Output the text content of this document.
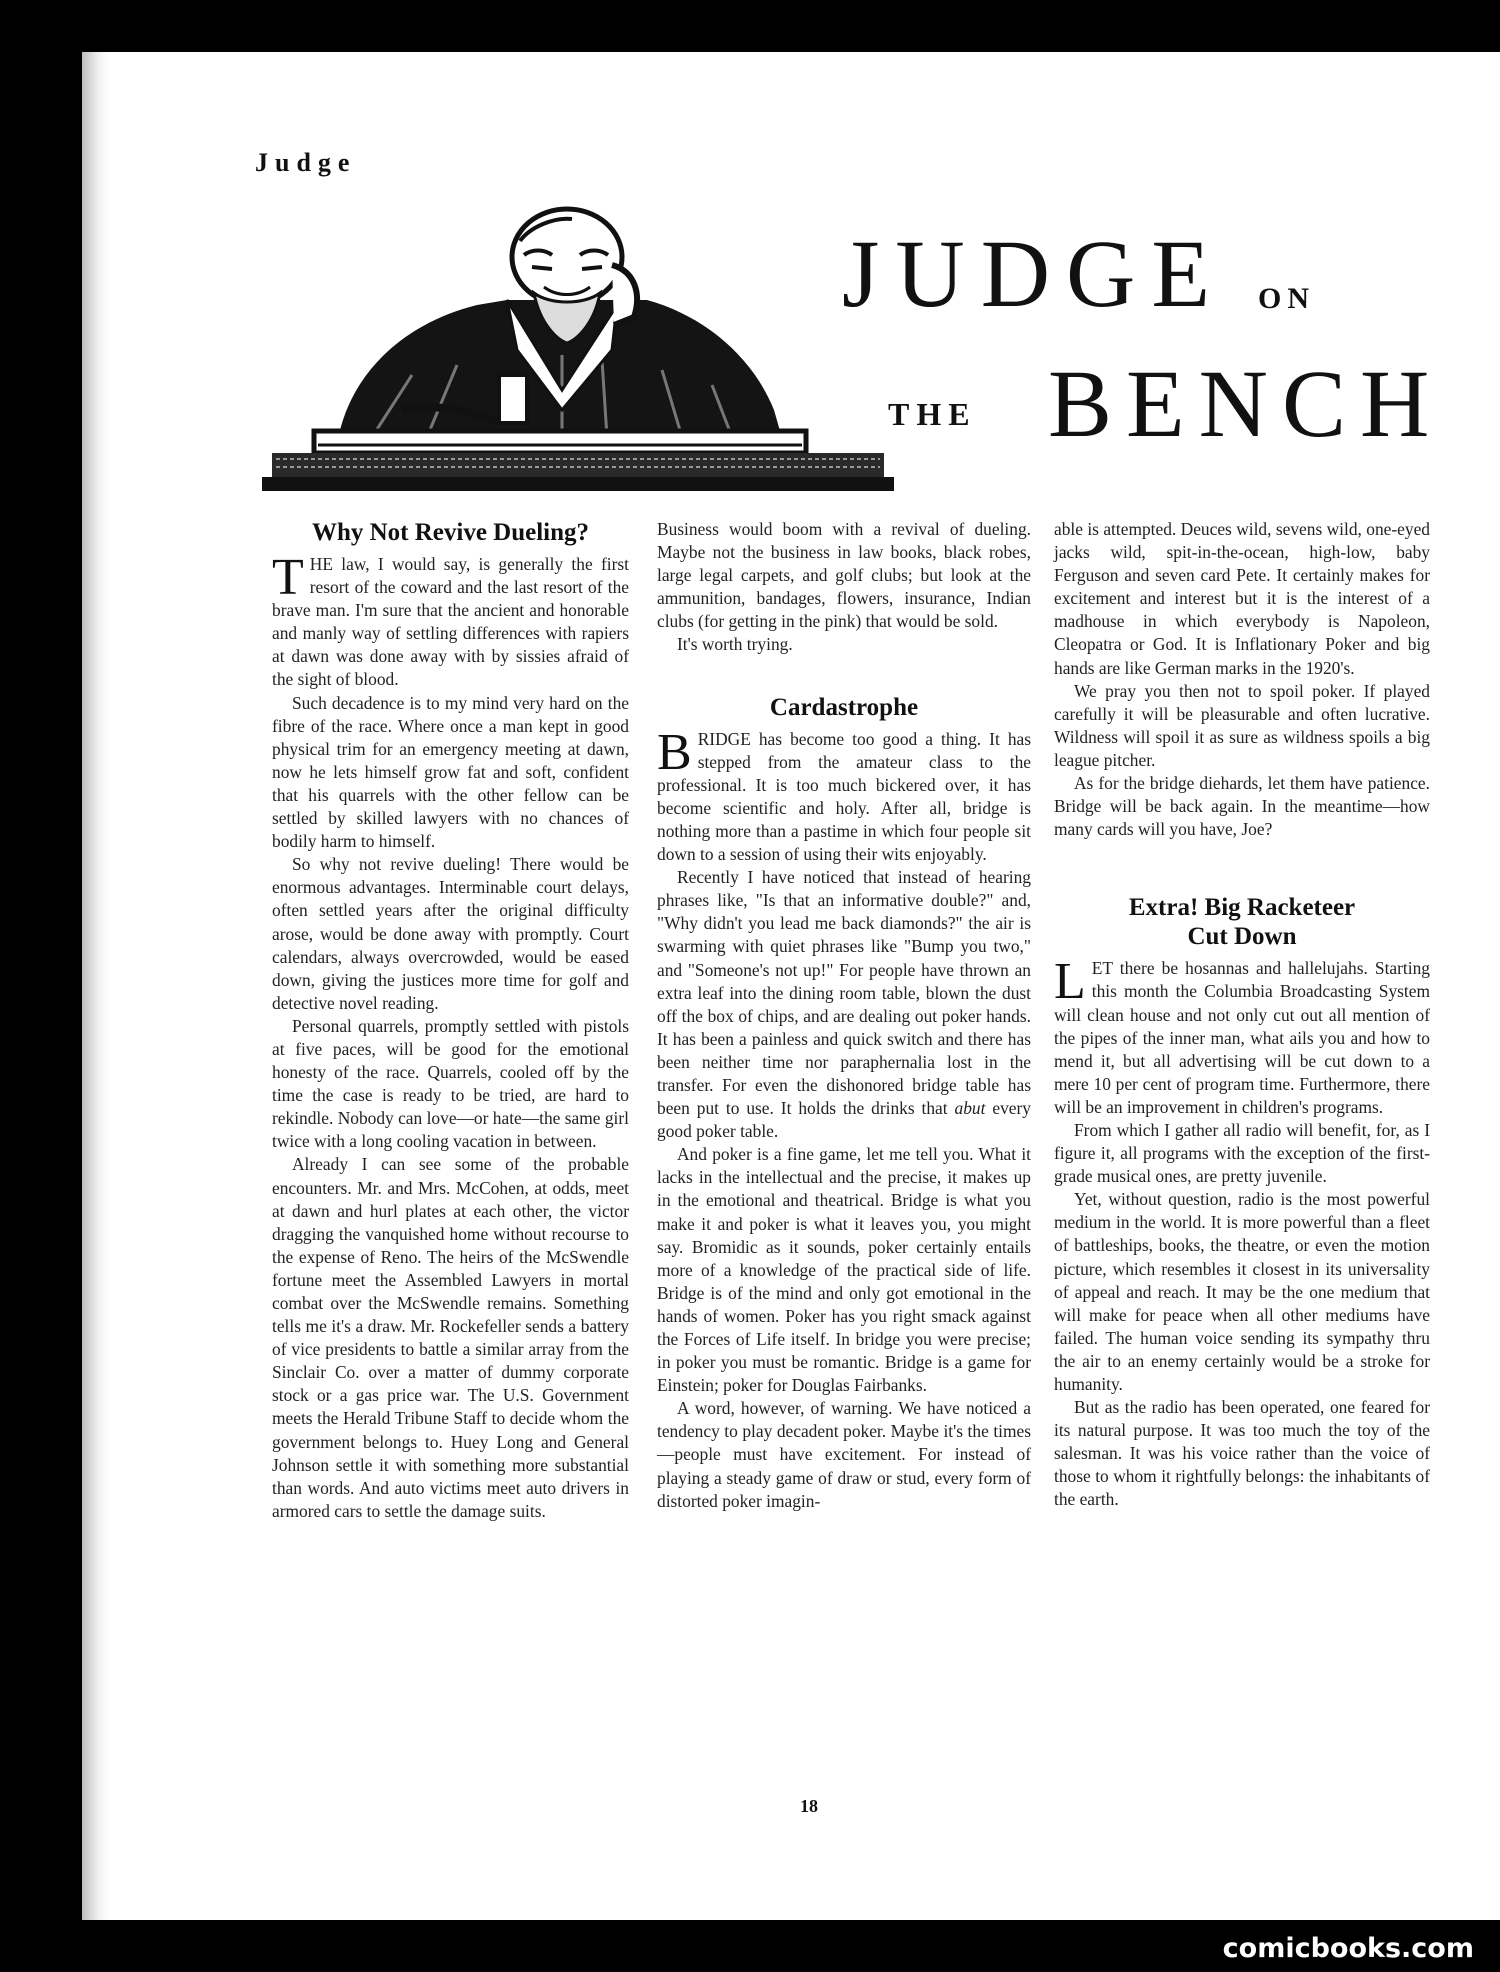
Judge
JUDGE ON
THE BENCH
Why Not Revive Dueling?

THE law, I would say, is generally the first resort of the coward and the last resort of the brave man. I'm sure that the ancient and honorable and manly way of settling differences with rapiers at dawn was done away with by sissies afraid of the sight of blood.

Such decadence is to my mind very hard on the fibre of the race. Where once a man kept in good physical trim for an emergency meeting at dawn, now he lets himself grow fat and soft, confident that his quarrels with the other fellow can be settled by skilled lawyers with no chances of bodily harm to himself.

So why not revive dueling! There would be enormous advantages. Interminable court delays, often settled years after the original difficulty arose, would be done away with promptly. Court calendars, always overcrowded, would be eased down, giving the justices more time for golf and detective novel reading.

Personal quarrels, promptly settled with pistols at five paces, will be good for the emotional honesty of the race. Quarrels, cooled off by the time the case is ready to be tried, are hard to rekindle. Nobody can love—or hate—the same girl twice with a long cooling vacation in between.

Already I can see some of the probable encounters. Mr. and Mrs. McCohen, at odds, meet at dawn and hurl plates at each other, the victor dragging the vanquished home without recourse to the expense of Reno. The heirs of the McSwendle fortune meet the Assembled Lawyers in mortal combat over the McSwendle remains. Something tells me it's a draw. Mr. Rockefeller sends a battery of vice presidents to battle a similar array from the Sinclair Co. over a matter of dummy corporate stock or a gas price war. The U.S. Government meets the Herald Tribune Staff to decide whom the government belongs to. Huey Long and General Johnson settle it with something more substantial than words. And auto victims meet auto drivers in armored cars to settle the damage suits.

Business would boom with a revival of dueling. Maybe not the business in law books, black robes, large legal carpets, and golf clubs; but look at the ammunition, bandages, flowers, insurance, Indian clubs (for getting in the pink) that would be sold.

It's worth trying.

Cardastrophe

BRIDGE has become too good a thing. It has stepped from the amateur class to the professional. It is too much bickered over, it has become scientific and holy. After all, bridge is nothing more than a pastime in which four people sit down to a session of using their wits enjoyably.

Recently I have noticed that instead of hearing phrases like, "Is that an informative double?" and, "Why didn't you lead me back diamonds?" the air is swarming with quiet phrases like "Bump you two," and "Someone's not up!" For people have thrown an extra leaf into the dining room table, blown the dust off the box of chips, and are dealing out poker hands. It has been a painless and quick switch and there has been neither time nor paraphernalia lost in the transfer. For even the dishonored bridge table has been put to use. It holds the drinks that abut every good poker table.

And poker is a fine game, let me tell you. What it lacks in the intellectual and the precise, it makes up in the emotional and theatrical. Bridge is what you make it and poker is what it leaves you, you might say. Bromidic as it sounds, poker certainly entails more of a knowledge of the practical side of life. Bridge is of the mind and only got emotional in the hands of women. Poker has you right smack against the Forces of Life itself. In bridge you were precise; in poker you must be romantic. Bridge is a game for Einstein; poker for Douglas Fairbanks.

A word, however, of warning. We have noticed a tendency to play decadent poker. Maybe it's the times—people must have excitement. For instead of playing a steady game of draw or stud, every form of distorted poker imagin-

able is attempted. Deuces wild, sevens wild, one-eyed jacks wild, spit-in-the-ocean, high-low, baby Ferguson and seven card Pete. It certainly makes for excitement and interest but it is the interest of a madhouse in which everybody is Napoleon, Cleopatra or God. It is Inflationary Poker and big hands are like German marks in the 1920's.

We pray you then not to spoil poker. If played carefully it will be pleasurable and often lucrative. Wildness will spoil it as sure as wildness spoils a big league pitcher.

As for the bridge diehards, let them have patience. Bridge will be back again. In the meantime—how many cards will you have, Joe?

Extra! Big Racketeer
Cut Down

LET there be hosannas and hallelujahs. Starting this month the Columbia Broadcasting System will clean house and not only cut out all mention of the pipes of the inner man, what ails you and how to mend it, but all advertising will be cut down to a mere 10 per cent of program time. Furthermore, there will be an improvement in children's programs.

From which I gather all radio will benefit, for, as I figure it, all programs with the exception of the first-grade musical ones, are pretty juvenile.

Yet, without question, radio is the most powerful medium in the world. It is more powerful than a fleet of battleships, books, the theatre, or even the motion picture, which resembles it closest in its universality of appeal and reach. It may be the one medium that will make for peace when all other mediums have failed. The human voice sending its sympathy thru the air to an enemy certainly would be a stroke for humanity.

But as the radio has been operated, one feared for its natural purpose. It was too much the toy of the salesman. It was his voice rather than the voice of those to whom it rightfully belongs: the inhabitants of the earth.

18
comicbooks.com
